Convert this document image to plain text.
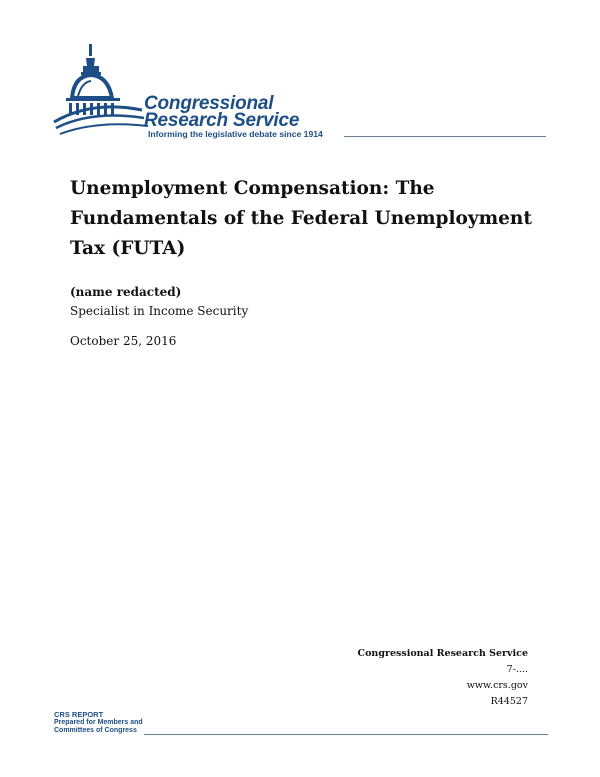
Congressional
Research Service
Informing the legislative debate since 1914
Unemployment Compensation: The Fundamentals of the Federal Unemployment Tax (FUTA)
(name redacted)
Specialist in Income Security
October 25, 2016
Congressional Research Service
7-....
www.crs.gov
R44527
CRS REPORT
Prepared for Members and
Committees of Congress
